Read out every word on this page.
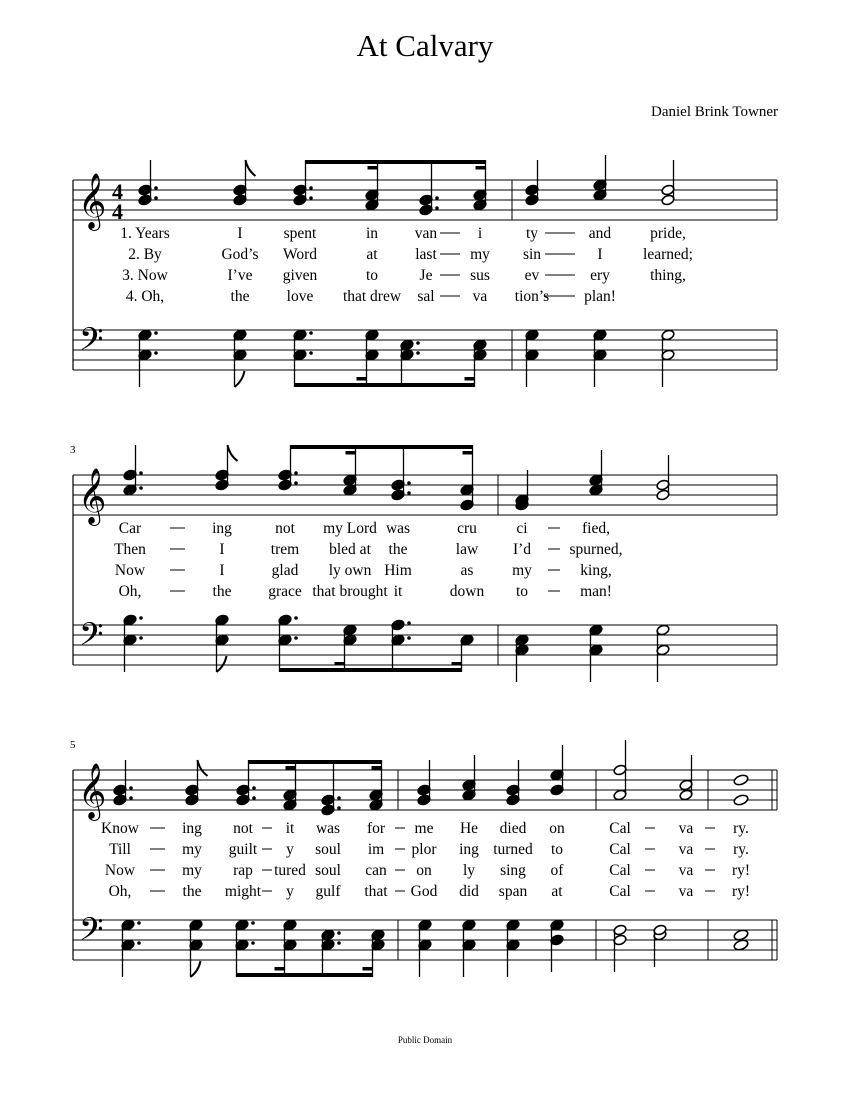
At Calvary
Daniel Brink Towner
𝄞
𝄢
4
4
𝄞
𝄢
3
𝄞
𝄢
5
1. Years	I	spent	in van	i	ty	and	pride,
2. By	God’s Word	at last my sin	I	learned;
3. Now	I’ve given	to	Je sus ev	ery	thing,
4. Oh,	the love that drew sal va tion’s plan!
Car	ing	not my Lord was	cru	ci	fied,
Then	I	trem bled at the	law I’d spurned,
Now	I	glad ly own Him	as my	king,
Oh,	the grace that brought it	down to	man!
Know	ing not it was for me He died on	Cal	va	ry.
Till	my guilt y soul im plor ing turned to	Cal	va	ry.
Now	my rap tured soul can on ly sing of	Cal	va ry!
Oh,	the might y gulf that God did span at	Cal	va ry!
Public Domain
